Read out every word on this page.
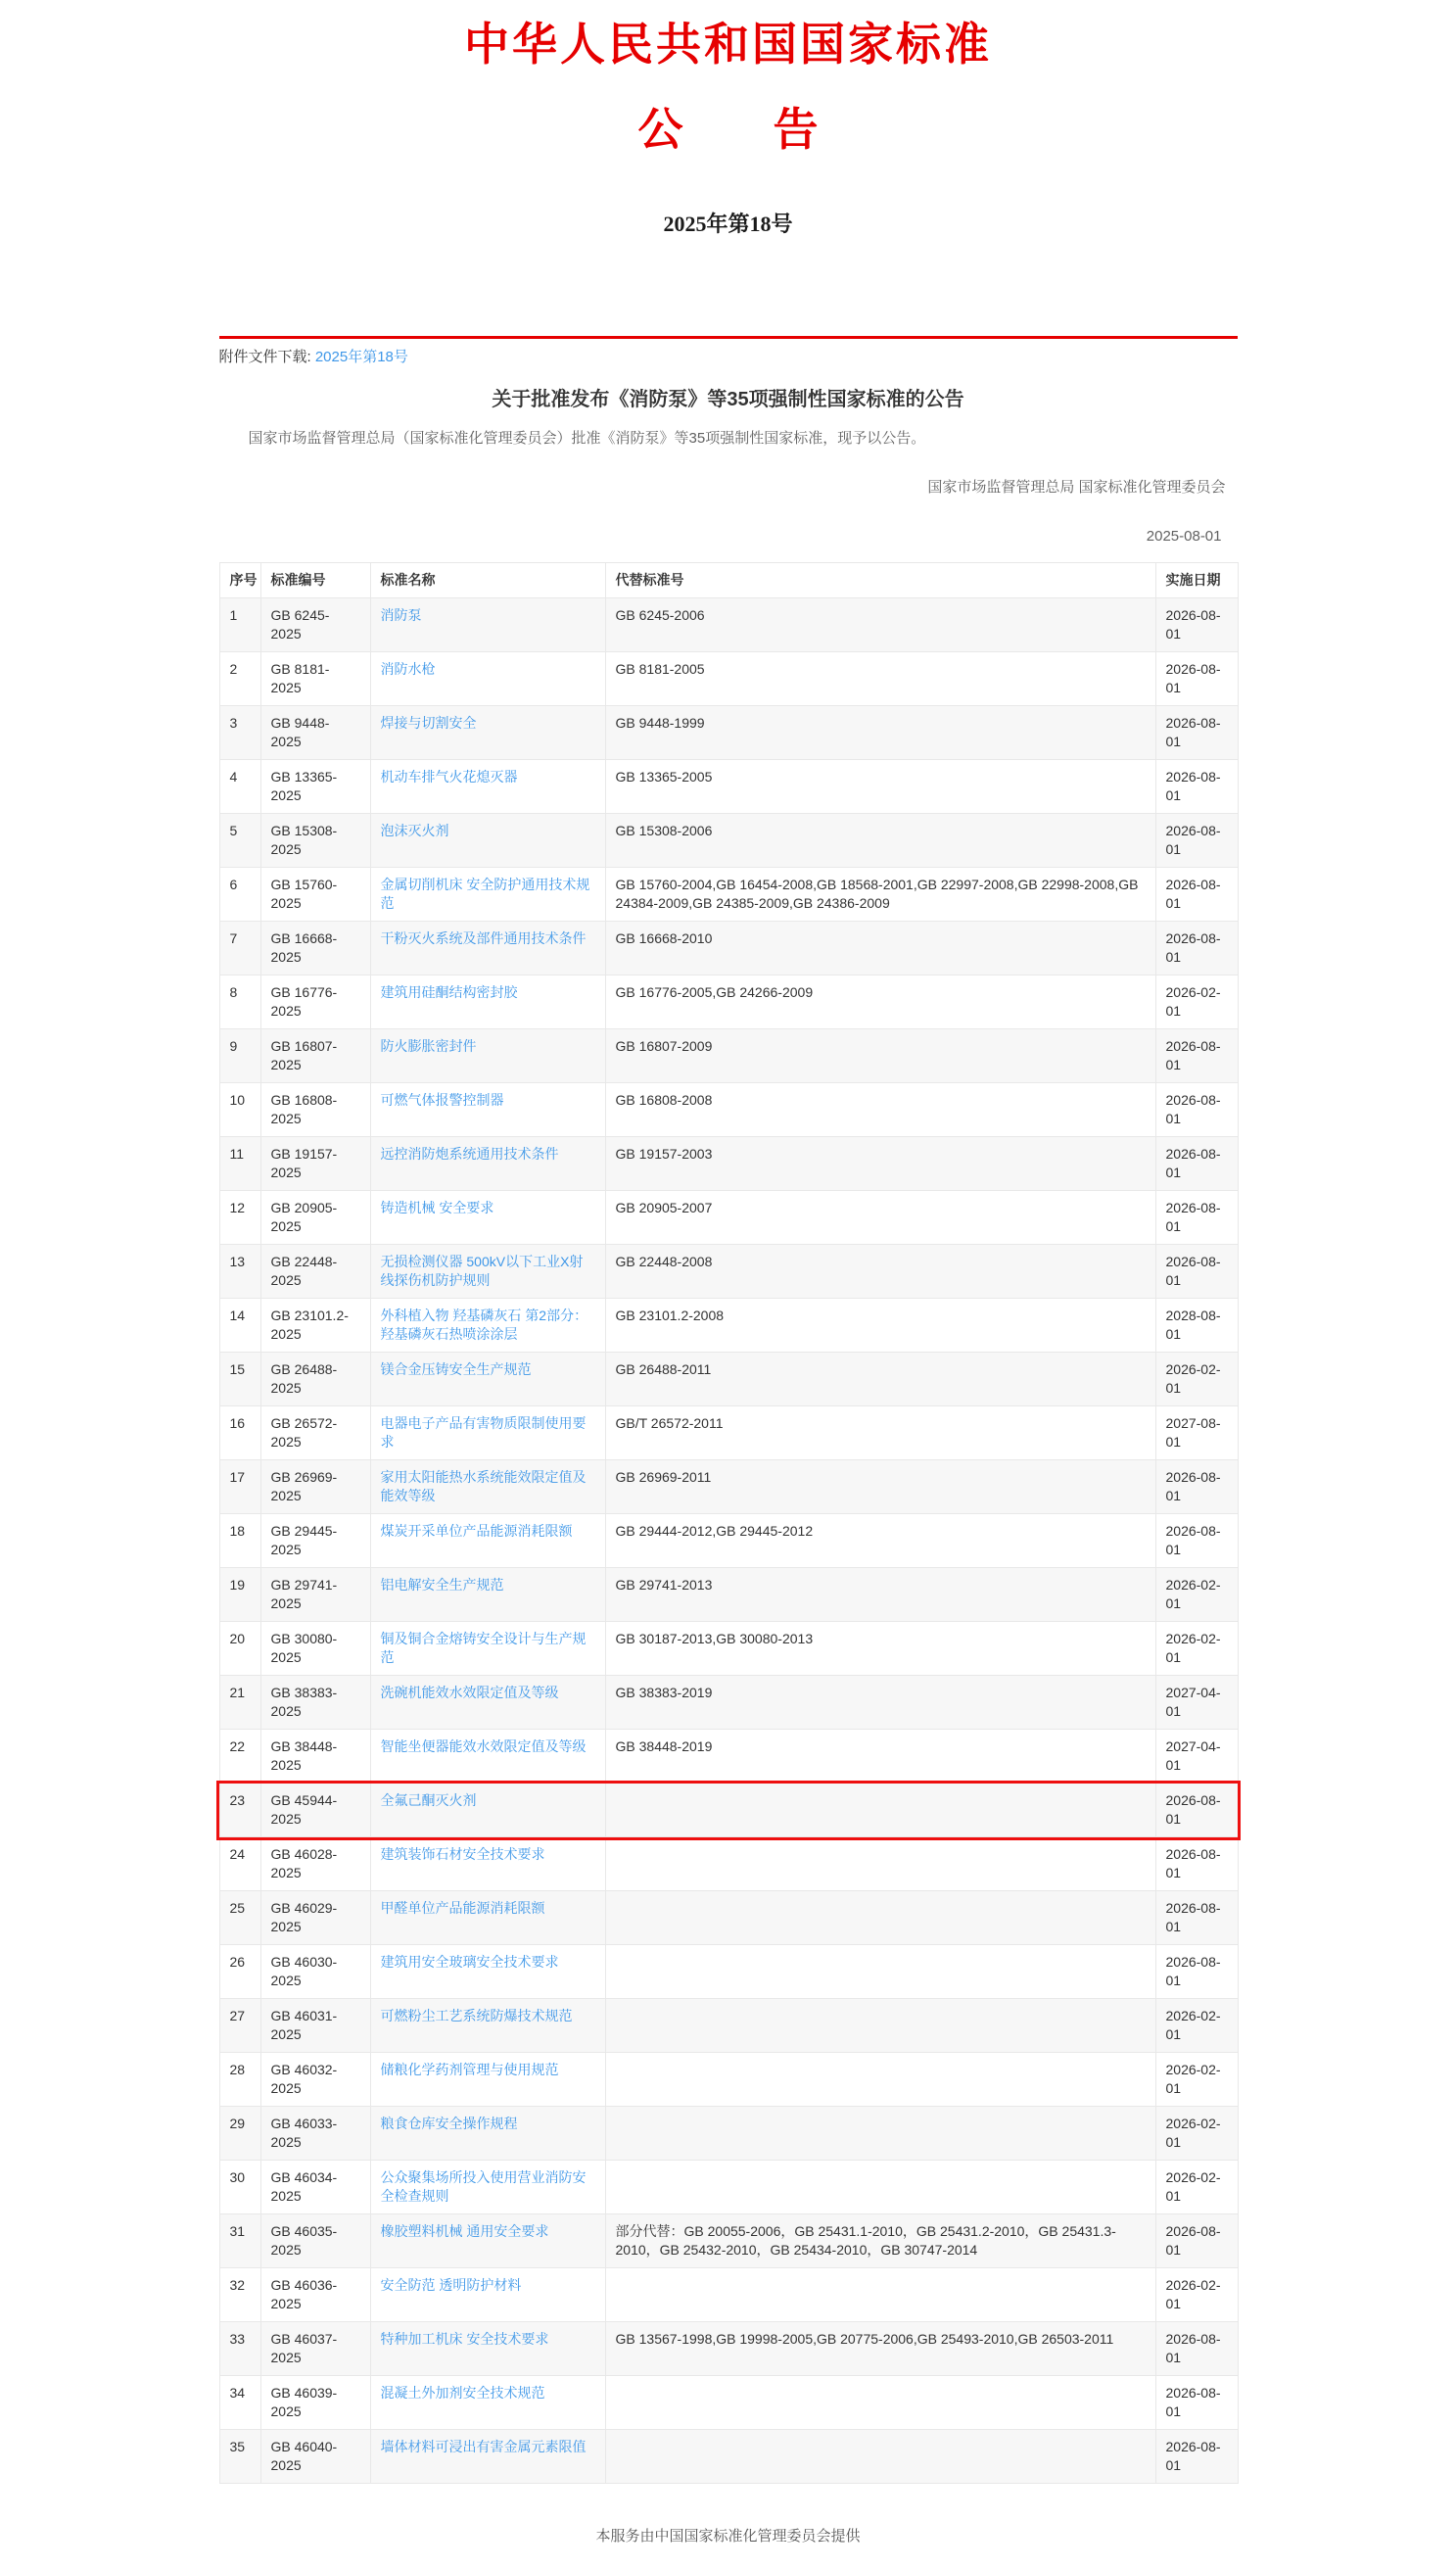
中华人民共和国国家标准
公　　告
2025年第18号
附件文件下载: 2025年第18号
关于批准发布《消防泵》等35项强制性国家标准的公告

国家市场监督管理总局（国家标准化管理委员会）批准《消防泵》等35项强制性国家标准，现予以公告。

国家市场监督管理总局 国家标准化管理委员会
2025-08-01
序号	标准编号	标准名称	代替标准号	实施日期
1	GB 6245-2025	消防泵	GB 6245-2006	2026-08-01
2	GB 8181-2025	消防水枪	GB 8181-2005	2026-08-01
3	GB 9448-2025	焊接与切割安全	GB 9448-1999	2026-08-01
4	GB 13365-2025	机动车排气火花熄灭器	GB 13365-2005	2026-08-01
5	GB 15308-2025	泡沫灭火剂	GB 15308-2006	2026-08-01
6	GB 15760-2025	金属切削机床 安全防护通用技术规范	GB 15760-2004,GB 16454-2008,GB 18568-2001,GB 22997-2008,GB 22998-2008,GB 24384-2009,GB 24385-2009,GB 24386-2009	2026-08-01
7	GB 16668-2025	干粉灭火系统及部件通用技术条件	GB 16668-2010	2026-08-01
8	GB 16776-2025	建筑用硅酮结构密封胶	GB 16776-2005,GB 24266-2009	2026-02-01
9	GB 16807-2025	防火膨胀密封件	GB 16807-2009	2026-08-01
10	GB 16808-2025	可燃气体报警控制器	GB 16808-2008	2026-08-01
11	GB 19157-2025	远控消防炮系统通用技术条件	GB 19157-2003	2026-08-01
12	GB 20905-2025	铸造机械 安全要求	GB 20905-2007	2026-08-01
13	GB 22448-2025	无损检测仪器 500kV以下工业X射线探伤机防护规则	GB 22448-2008	2026-08-01
14	GB 23101.2-2025	外科植入物 羟基磷灰石 第2部分：羟基磷灰石热喷涂涂层	GB 23101.2-2008	2028-08-01
15	GB 26488-2025	镁合金压铸安全生产规范	GB 26488-2011	2026-02-01
16	GB 26572-2025	电器电子产品有害物质限制使用要求	GB/T 26572-2011	2027-08-01
17	GB 26969-2025	家用太阳能热水系统能效限定值及能效等级	GB 26969-2011	2026-08-01
18	GB 29445-2025	煤炭开采单位产品能源消耗限额	GB 29444-2012,GB 29445-2012	2026-08-01
19	GB 29741-2025	铝电解安全生产规范	GB 29741-2013	2026-02-01
20	GB 30080-2025	铜及铜合金熔铸安全设计与生产规范	GB 30187-2013,GB 30080-2013	2026-02-01
21	GB 38383-2025	洗碗机能效水效限定值及等级	GB 38383-2019	2027-04-01
22	GB 38448-2025	智能坐便器能效水效限定值及等级	GB 38448-2019	2027-04-01
23	GB 45944-2025	全氟己酮灭火剂		2026-08-01
24	GB 46028-2025	建筑装饰石材安全技术要求		2026-08-01
25	GB 46029-2025	甲醛单位产品能源消耗限额		2026-08-01
26	GB 46030-2025	建筑用安全玻璃安全技术要求		2026-08-01
27	GB 46031-2025	可燃粉尘工艺系统防爆技术规范		2026-02-01
28	GB 46032-2025	储粮化学药剂管理与使用规范		2026-02-01
29	GB 46033-2025	粮食仓库安全操作规程		2026-02-01
30	GB 46034-2025	公众聚集场所投入使用营业消防安全检查规则		2026-02-01
31	GB 46035-2025	橡胶塑料机械 通用安全要求	部分代替：GB 20055-2006，GB 25431.1-2010，GB 25431.2-2010，GB 25431.3-2010，GB 25432-2010，GB 25434-2010，GB 30747-2014	2026-08-01
32	GB 46036-2025	安全防范 透明防护材料		2026-02-01
33	GB 46037-2025	特种加工机床 安全技术要求	GB 13567-1998,GB 19998-2005,GB 20775-2006,GB 25493-2010,GB 26503-2011	2026-08-01
34	GB 46039-2025	混凝土外加剂安全技术规范		2026-08-01
35	GB 46040-2025	墙体材料可浸出有害金属元素限值		2026-08-01
本服务由中国国家标准化管理委员会提供
